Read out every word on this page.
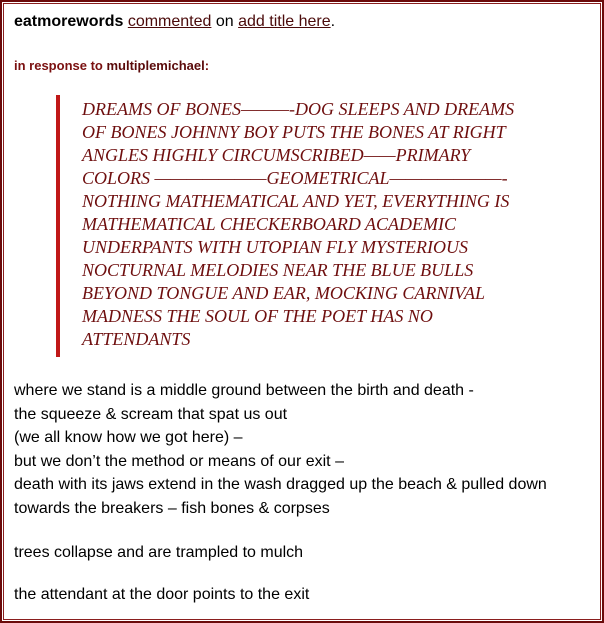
eatmorewords commented on add title here.
in response to multiplemichael:
DREAMS OF BONES———-DOG SLEEPS AND DREAMS
OF BONES JOHNNY BOY PUTS THE BONES AT RIGHT
ANGLES HIGHLY CIRCUMSCRIBED——PRIMARY
COLORS ———————GEOMETRICAL———————-
NOTHING MATHEMATICAL AND YET, EVERYTHING IS
MATHEMATICAL CHECKERBOARD ACADEMIC
UNDERPANTS WITH UTOPIAN FLY MYSTERIOUS
NOCTURNAL MELODIES NEAR THE BLUE BULLS
BEYOND TONGUE AND EAR, MOCKING CARNIVAL
MADNESS THE SOUL OF THE POET HAS NO
ATTENDANTS
where we stand is a middle ground between the birth and death -
the squeeze & scream that spat us out
(we all know how we got here) –
but we don’t the method or means of our exit –
death with its jaws extend in the wash dragged up the beach & pulled down
towards the breakers – fish bones & corpses
trees collapse and are trampled to mulch
the attendant at the door points to the exit
